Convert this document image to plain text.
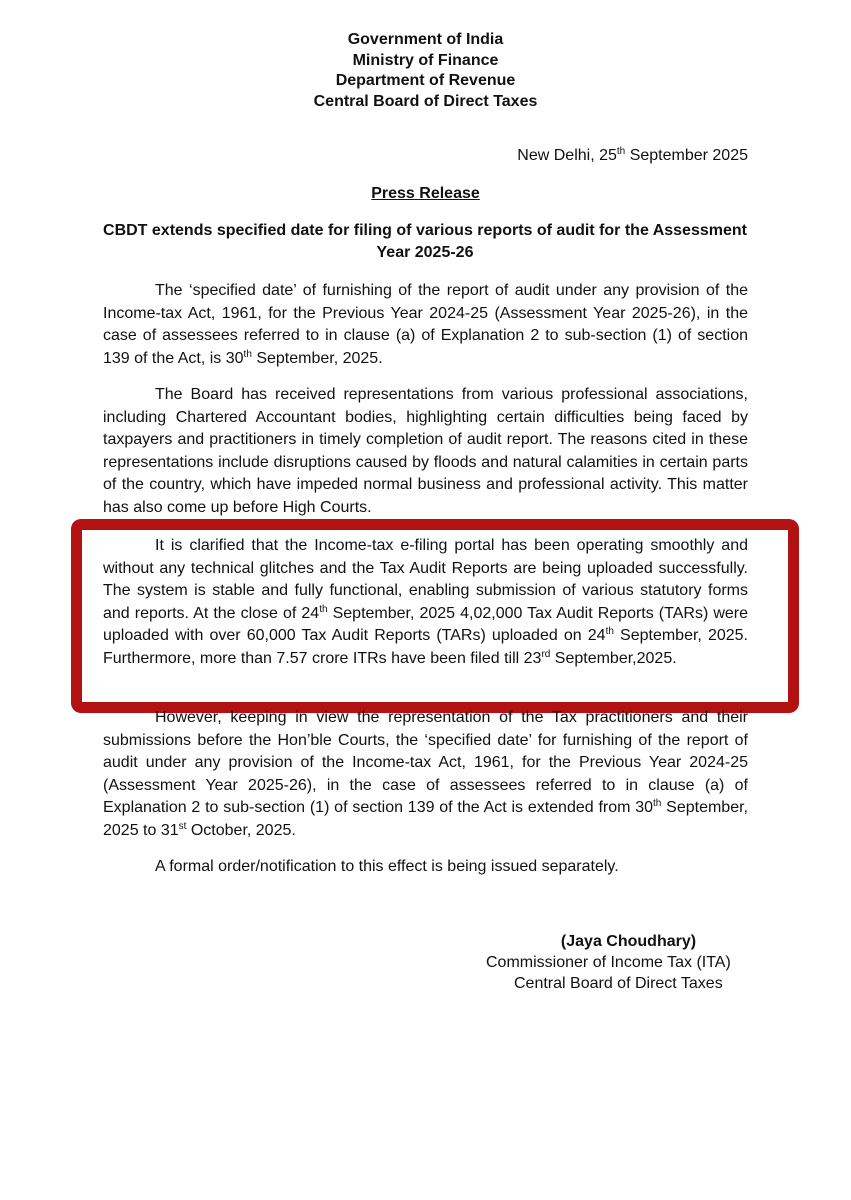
Government of India
Ministry of Finance
Department of Revenue
Central Board of Direct Taxes
New Delhi, 25th September 2025
Press Release
CBDT extends specified date for filing of various reports of audit for the Assessment Year 2025-26

The ‘specified date’ of furnishing of the report of audit under any provision of the Income-tax Act, 1961, for the Previous Year 2024-25 (Assessment Year 2025-26), in the case of assessees referred to in clause (a) of Explanation 2 to sub-section (1) of section 139 of the Act, is 30th September, 2025.

The Board has received representations from various professional associations, including Chartered Accountant bodies, highlighting certain difficulties being faced by taxpayers and practitioners in timely completion of audit report. The reasons cited in these representations include disruptions caused by floods and natural calamities in certain parts of the country, which have impeded normal business and professional activity. This matter has also come up before High Courts.

It is clarified that the Income-tax e-filing portal has been operating smoothly and without any technical glitches and the Tax Audit Reports are being uploaded successfully. The system is stable and fully functional, enabling submission of various statutory forms and reports. At the close of 24th September, 2025 4,02,000 Tax Audit Reports (TARs) were uploaded with over 60,000 Tax Audit Reports (TARs) uploaded on 24th September, 2025. Furthermore, more than 7.57 crore ITRs have been filed till 23rd September,2025.

However, keeping in view the representation of the Tax practitioners and their submissions before the Hon’ble Courts, the ‘specified date’ for furnishing of the report of audit under any provision of the Income-tax Act, 1961, for the Previous Year 2024-25 (Assessment Year 2025-26), in the case of assessees referred to in clause (a) of Explanation 2 to sub-section (1) of section 139 of the Act is extended from 30th September, 2025 to 31st October, 2025.

A formal order/notification to this effect is being issued separately.

(Jaya Choudhary)
Commissioner of Income Tax (ITA)
Central Board of Direct Taxes
